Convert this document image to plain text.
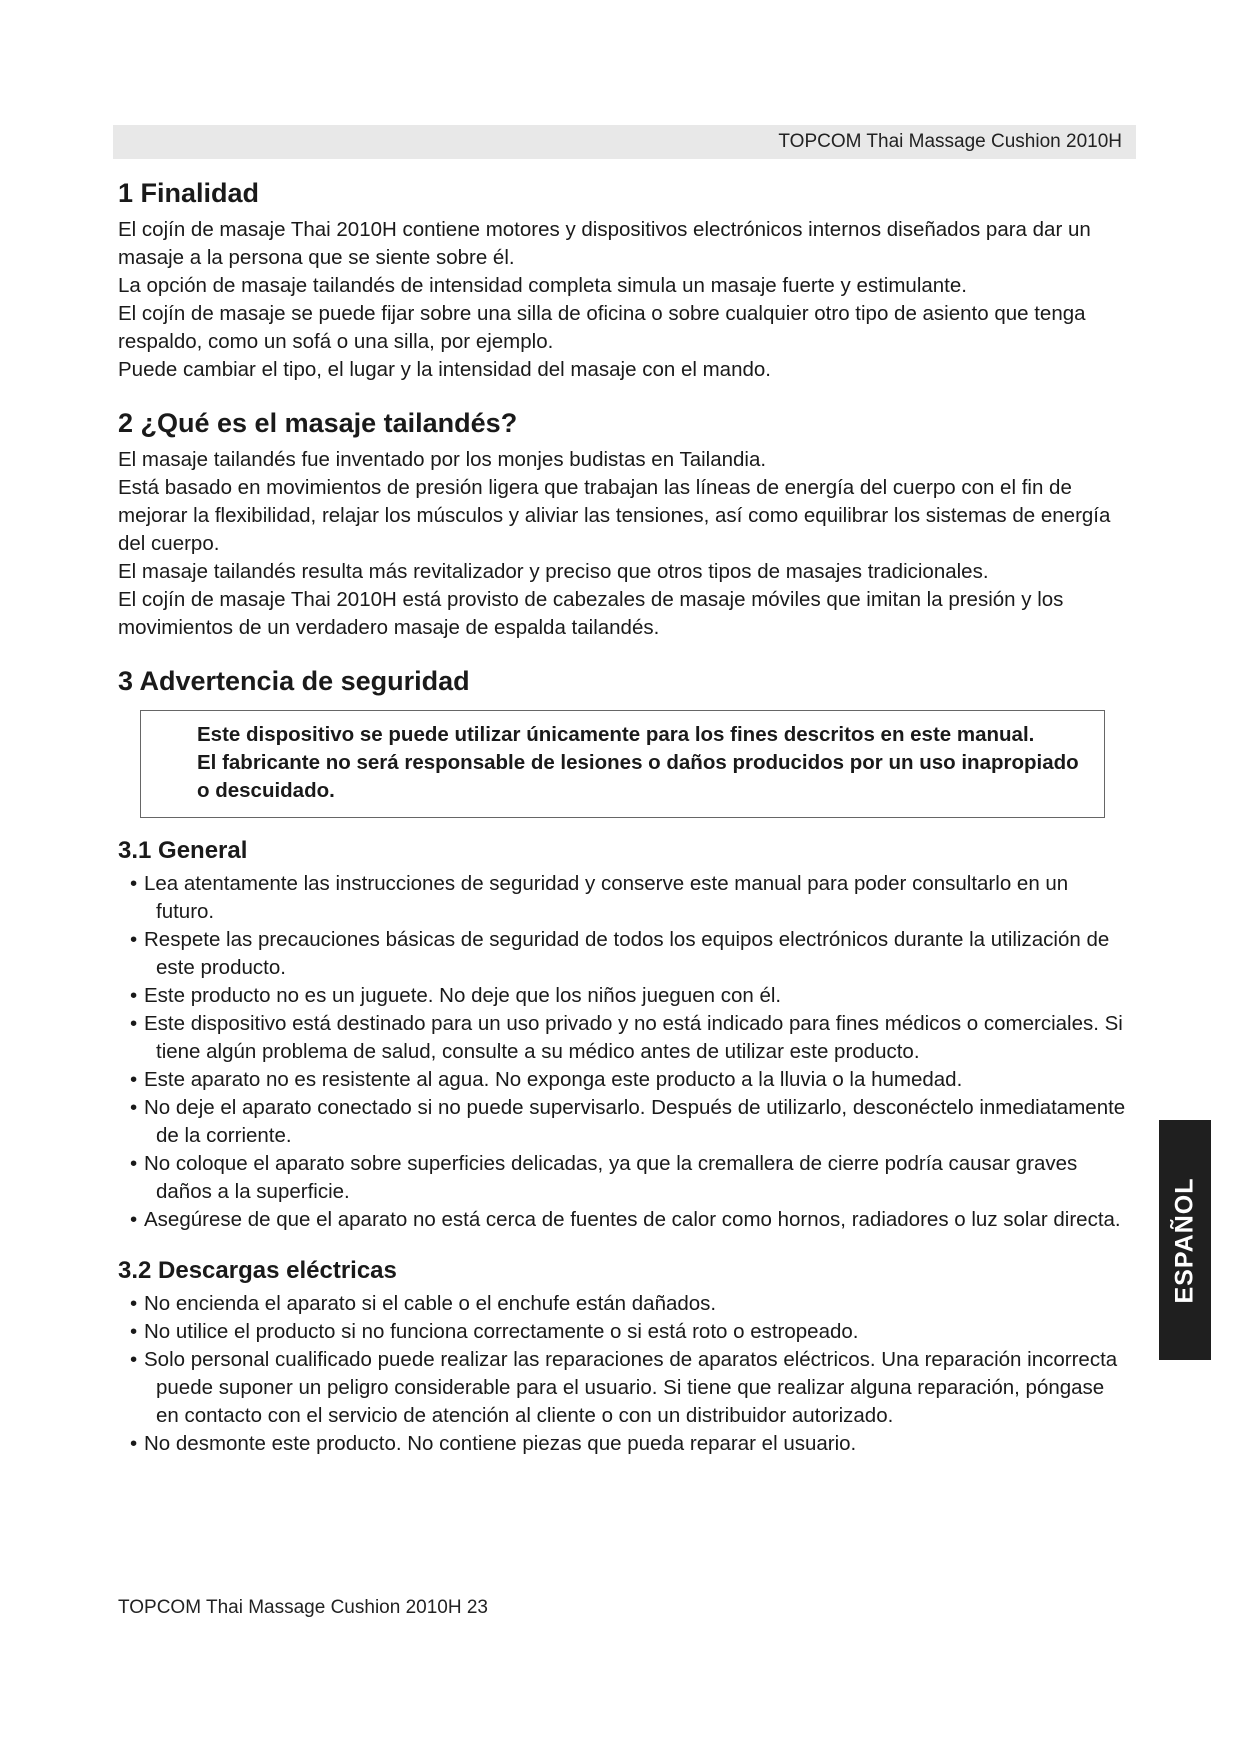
TOPCOM Thai Massage Cushion 2010H
1 Finalidad

El cojín de masaje Thai 2010H contiene motores y dispositivos electrónicos internos diseñados para dar un masaje a la persona que se siente sobre él.

La opción de masaje tailandés de intensidad completa simula un masaje fuerte y estimulante.

El cojín de masaje se puede fijar sobre una silla de oficina o sobre cualquier otro tipo de asiento que tenga respaldo, como un sofá o una silla, por ejemplo.

Puede cambiar el tipo, el lugar y la intensidad del masaje con el mando.

2 ¿Qué es el masaje tailandés?

El masaje tailandés fue inventado por los monjes budistas en Tailandia.

Está basado en movimientos de presión ligera que trabajan las líneas de energía del cuerpo con el fin de mejorar la flexibilidad, relajar los músculos y aliviar las tensiones, así como equilibrar los sistemas de energía del cuerpo.

El masaje tailandés resulta más revitalizador y preciso que otros tipos de masajes tradicionales.

El cojín de masaje Thai 2010H está provisto de cabezales de masaje móviles que imitan la presión y los movimientos de un verdadero masaje de espalda tailandés.

3 Advertencia de seguridad

Este dispositivo se puede utilizar únicamente para los fines descritos en este manual.

El fabricante no será responsable de lesiones o daños producidos por un uso inapropiado o descuidado.

3.1 General
• Lea atentamente las instrucciones de seguridad y conserve este manual para poder consultarlo en un futuro.
• Respete las precauciones básicas de seguridad de todos los equipos electrónicos durante la utilización de este producto.
• Este producto no es un juguete. No deje que los niños jueguen con él.
• Este dispositivo está destinado para un uso privado y no está indicado para fines médicos o comerciales. Si tiene algún problema de salud, consulte a su médico antes de utilizar este producto.
• Este aparato no es resistente al agua. No exponga este producto a la lluvia o la humedad.
• No deje el aparato conectado si no puede supervisarlo. Después de utilizarlo, desconéctelo inmediatamente de la corriente.
• No coloque el aparato sobre superficies delicadas, ya que la cremallera de cierre podría causar graves daños a la superficie.
• Asegúrese de que el aparato no está cerca de fuentes de calor como hornos, radiadores o luz solar directa.
3.2 Descargas eléctricas
• No encienda el aparato si el cable o el enchufe están dañados.
• No utilice el producto si no funciona correctamente o si está roto o estropeado.
• Solo personal cualificado puede realizar las reparaciones de aparatos eléctricos. Una reparación incorrecta puede suponer un peligro considerable para el usuario. Si tiene que realizar alguna reparación, póngase en contacto con el servicio de atención al cliente o con un distribuidor autorizado.
• No desmonte este producto. No contiene piezas que pueda reparar el usuario.
TOPCOM Thai Massage Cushion 2010H 23
ESPAÑOL
